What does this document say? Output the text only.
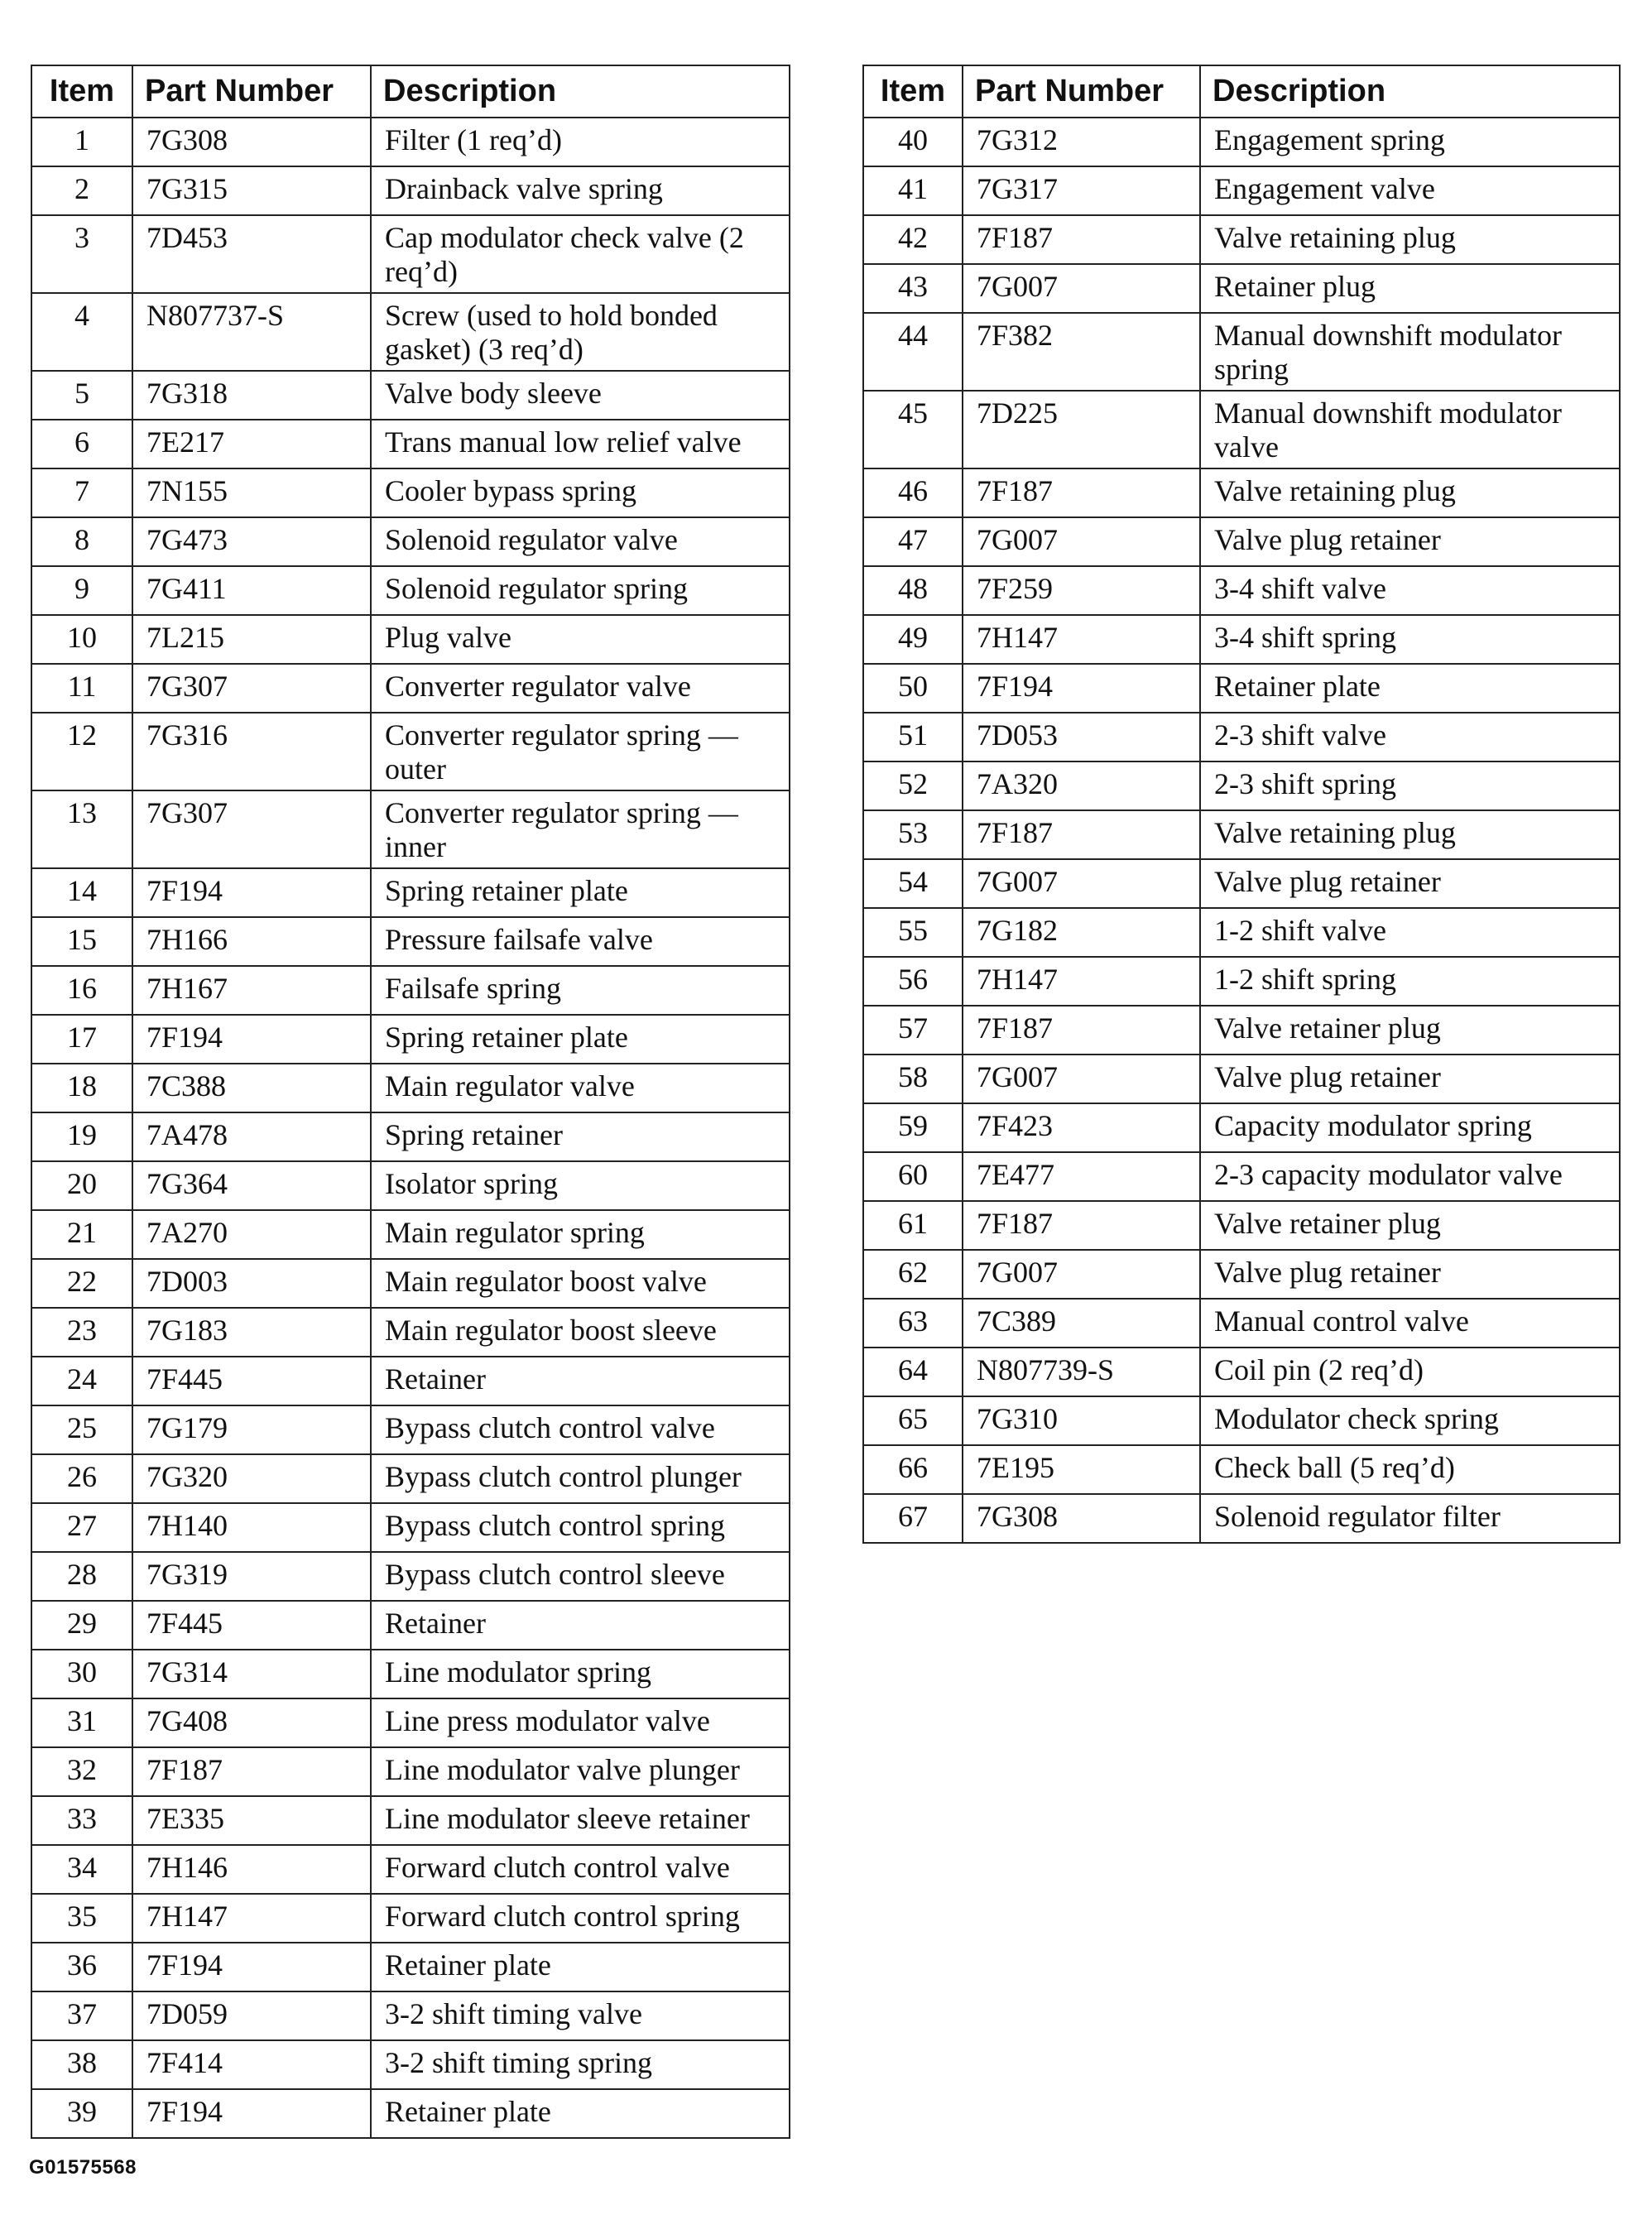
Item	Part Number	Description
1	7G308	Filter (1 req’d)
2	7G315	Drainback valve spring
3	7D453	Cap modulator check valve (2 req’d)
4	N807737-S	Screw (used to hold bonded gasket) (3 req’d)
5	7G318	Valve body sleeve
6	7E217	Trans manual low relief valve
7	7N155	Cooler bypass spring
8	7G473	Solenoid regulator valve
9	7G411	Solenoid regulator spring
10	7L215	Plug valve
11	7G307	Converter regulator valve
12	7G316	Converter regulator spring — outer
13	7G307	Converter regulator spring — inner
14	7F194	Spring retainer plate
15	7H166	Pressure failsafe valve
16	7H167	Failsafe spring
17	7F194	Spring retainer plate
18	7C388	Main regulator valve
19	7A478	Spring retainer
20	7G364	Isolator spring
21	7A270	Main regulator spring
22	7D003	Main regulator boost valve
23	7G183	Main regulator boost sleeve
24	7F445	Retainer
25	7G179	Bypass clutch control valve
26	7G320	Bypass clutch control plunger
27	7H140	Bypass clutch control spring
28	7G319	Bypass clutch control sleeve
29	7F445	Retainer
30	7G314	Line modulator spring
31	7G408	Line press modulator valve
32	7F187	Line modulator valve plunger
33	7E335	Line modulator sleeve retainer
34	7H146	Forward clutch control valve
35	7H147	Forward clutch control spring
36	7F194	Retainer plate
37	7D059	3-2 shift timing valve
38	7F414	3-2 shift timing spring
39	7F194	Retainer plate
Item	Part Number	Description
40	7G312	Engagement spring
41	7G317	Engagement valve
42	7F187	Valve retaining plug
43	7G007	Retainer plug
44	7F382	Manual downshift modulator spring
45	7D225	Manual downshift modulator valve
46	7F187	Valve retaining plug
47	7G007	Valve plug retainer
48	7F259	3-4 shift valve
49	7H147	3-4 shift spring
50	7F194	Retainer plate
51	7D053	2-3 shift valve
52	7A320	2-3 shift spring
53	7F187	Valve retaining plug
54	7G007	Valve plug retainer
55	7G182	1-2 shift valve
56	7H147	1-2 shift spring
57	7F187	Valve retainer plug
58	7G007	Valve plug retainer
59	7F423	Capacity modulator spring
60	7E477	2-3 capacity modulator valve
61	7F187	Valve retainer plug
62	7G007	Valve plug retainer
63	7C389	Manual control valve
64	N807739-S	Coil pin (2 req’d)
65	7G310	Modulator check spring
66	7E195	Check ball (5 req’d)
67	7G308	Solenoid regulator filter
G01575568
